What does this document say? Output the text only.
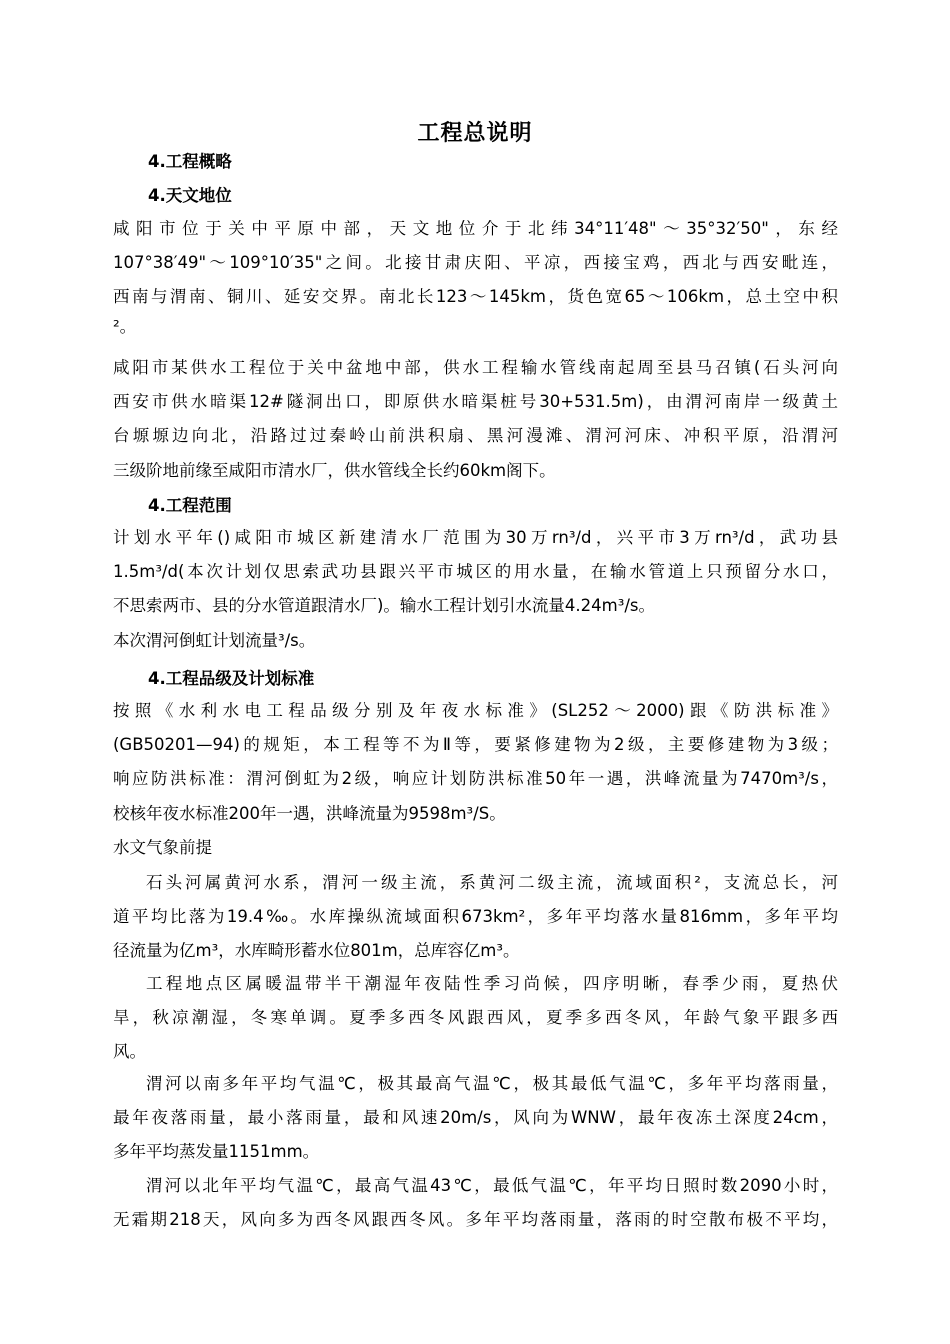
工程总说明
4.工程概略
4.天文地位
咸阳市位于关中平原中部，天文地位介于北纬34°11′48"～35°32′50"，东经
107°38′49"～109°10′35"之间。北接甘肃庆阳、平凉，西接宝鸡，西北与西安毗连，
西南与渭南、铜川、延安交界。南北长123～145km，货色宽65～106km，总土空中积
²。
咸阳市某供水工程位于关中盆地中部，供水工程输水管线南起周至县马召镇(石头河向
西安市供水暗渠12#隧洞出口，即原供水暗渠桩号30+531.5m)，由渭河南岸一级黄土
台塬塬边向北，沿路过过秦岭山前洪积扇、黑河漫滩、渭河河床、冲积平原，沿渭河
三级阶地前缘至咸阳市清水厂，供水管线全长约60km阁下。
4.工程范围
计划水平年()咸阳市城区新建清水厂范围为30万rn³/d，兴平市3万rn³/d，武功县
1.5m³/d(本次计划仅思索武功县跟兴平市城区的用水量，在输水管道上只预留分水口，
不思索两市、县的分水管道跟清水厂)。输水工程计划引水流量4.24m³/s。
本次渭河倒虹计划流量³/s。
4.工程品级及计划标准
按照《水利水电工程品级分别及年夜水标准》(SL252～2000)跟《防洪标准》
(GB50201—94)的规矩，本工程等不为Ⅱ等，要紧修建物为2级，主要修建物为3级；
响应防洪标准：渭河倒虹为2级，响应计划防洪标准50年一遇，洪峰流量为7470m³/s，
校核年夜水标准200年一遇，洪峰流量为9598m³/S。
水文气象前提
石头河属黄河水系，渭河一级主流，系黄河二级主流，流域面积²，支流总长，河
道平均比落为19.4‰。水库操纵流域面积673km²，多年平均落水量816mm，多年平均
径流量为亿m³，水库畸形蓄水位801m，总库容亿m³。
工程地点区属暖温带半干潮湿年夜陆性季习尚候，四序明晰，春季少雨，夏热伏
旱，秋凉潮湿，冬寒单调。夏季多西冬风跟西风，夏季多西冬风，年龄气象平跟多西
风。
渭河以南多年平均气温℃，极其最高气温℃，极其最低气温℃，多年平均落雨量，
最年夜落雨量，最小落雨量，最和风速20m/s，风向为WNW，最年夜冻土深度24cm，
多年平均蒸发量1151mm。
渭河以北年平均气温℃，最高气温43℃，最低气温℃，年平均日照时数2090小时，
无霜期218天，风向多为西冬风跟西冬风。多年平均落雨量，落雨的时空散布极不平均，
